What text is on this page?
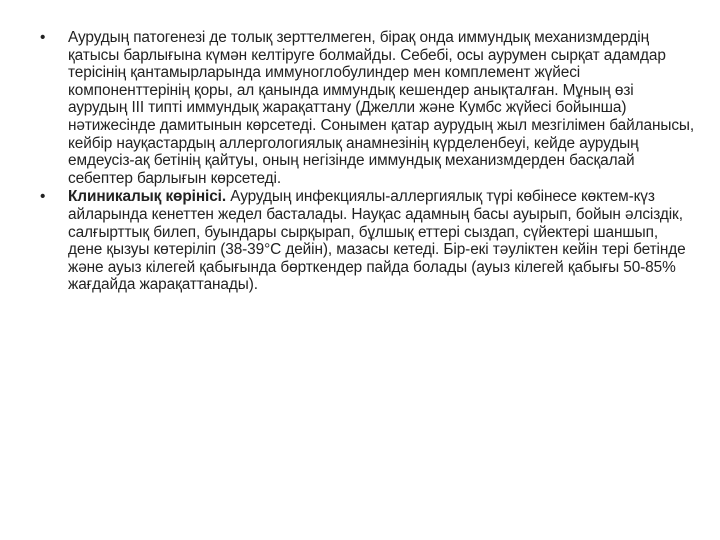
•	Аурудың патогенезі де толық зерттелмеген, бірақ онда иммундық механизмдердің қатысы барлығына күмән келтіруге болмайды. Себебі, осы аурумен сырқат адамдар терісінің қантамырларында иммуноглобулиндер мен комплемент жүйесі компоненттерінің қоры, ал қанында иммундық кешендер анықталған. Мұның өзі аурудың ІІІ типті иммундық жарақаттану (Джелли және Кумбс жүйесі бойынша) нәтижесінде дамитынын көрсетеді. Сонымен қатар аурудың жыл мезгілімен байланысы, кейбір науқастардың аллергологиялық анамнезінің күрделенбеуі, кейде аурудың емдеусіз-ақ бетінің қайтуы, оның негізінде иммундық механизмдерден басқалай себептер барлығын көрсетеді.
•	Клиникалық көрінісі. Аурудың инфекциялы-аллергиялық түрі көбінесе көктем-күз айларында кенеттен жедел басталады. Науқас адамның басы ауырып, бойын әлсіздік, салғырттық билеп, буындары сырқырап, бұлшық еттері сыздап, сүйектері шаншып, дене қызуы көтеріліп (38-39°С дейін), мазасы кетеді. Бір-екі тәуліктен кейін тері бетінде және ауыз кілегей қабығында бөрткендер пайда болады (ауыз кілегей қабығы 50-85% жағдайда жарақаттанады).
